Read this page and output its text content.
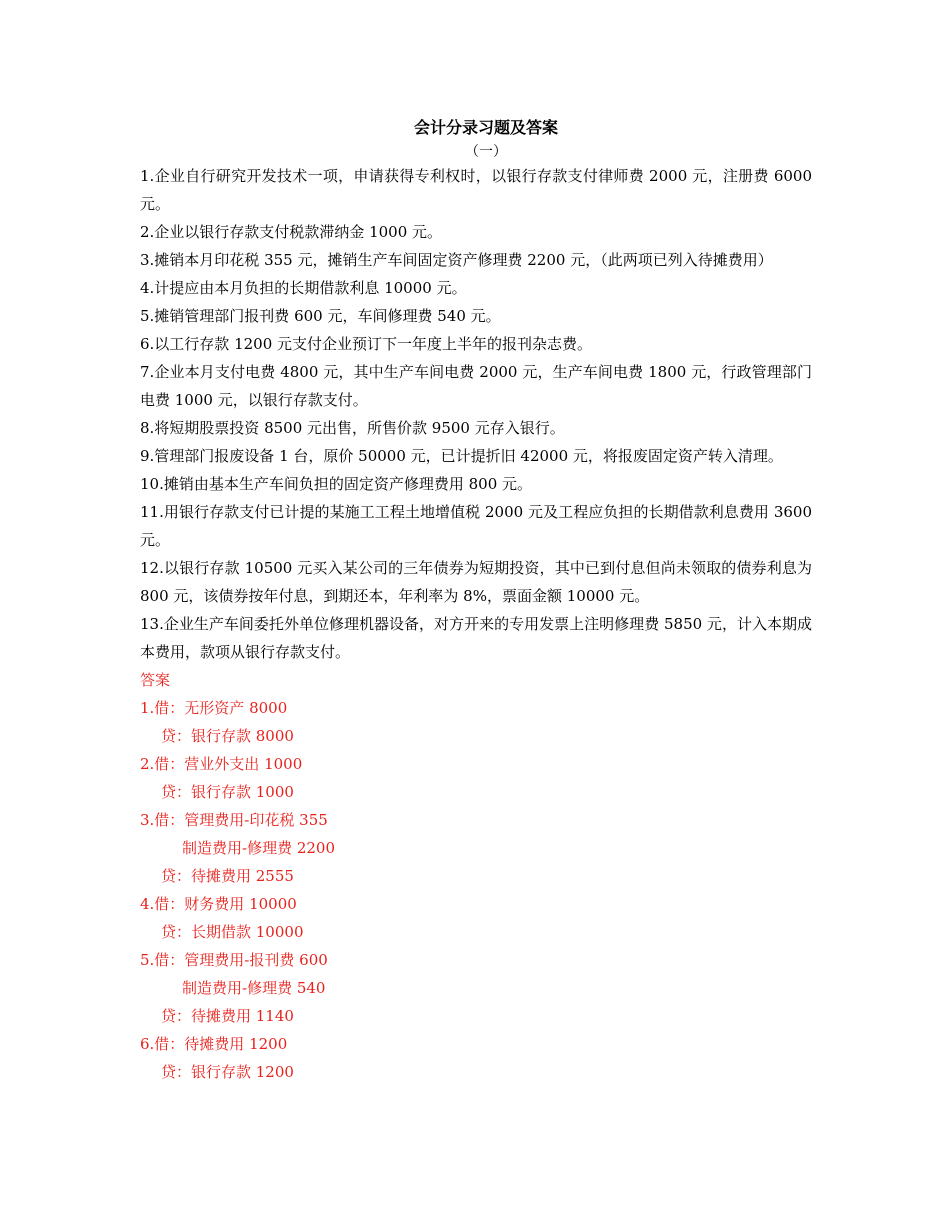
会计分录习题及答案
（一）
1.企业自行研究开发技术一项，申请获得专利权时，以银行存款支付律师费 2000 元，注册费 6000 元。
2.企业以银行存款支付税款滞纳金 1000 元。
3.摊销本月印花税 355 元，摊销生产车间固定资产修理费 2200 元，（此两项已列入待摊费用）
4.计提应由本月负担的长期借款利息 10000 元。
5.摊销管理部门报刊费 600 元，车间修理费 540 元。
6.以工行存款 1200 元支付企业预订下一年度上半年的报刊杂志费。
7.企业本月支付电费 4800 元，其中生产车间电费 2000 元，生产车间电费 1800 元，行政管理部门电费 1000 元，以银行存款支付。
8.将短期股票投资 8500 元出售，所售价款 9500 元存入银行。
9.管理部门报废设备 1 台，原价 50000 元，已计提折旧 42000 元，将报废固定资产转入清理。
10.摊销由基本生产车间负担的固定资产修理费用 800 元。
11.用银行存款支付已计提的某施工工程土地增值税 2000 元及工程应负担的长期借款利息费用 3600 元。
12.以银行存款 10500 元买入某公司的三年债券为短期投资，其中已到付息但尚未领取的债券利息为 800 元，该债券按年付息，到期还本，年利率为 8%，票面金额 10000 元。
13.企业生产车间委托外单位修理机器设备，对方开来的专用发票上注明修理费 5850 元，计入本期成本费用，款项从银行存款支付。
答案
1.借：无形资产 8000
贷：银行存款 8000
2.借：营业外支出 1000
贷：银行存款 1000
3.借：管理费用-印花税 355
制造费用-修理费 2200
贷：待摊费用 2555
4.借：财务费用 10000
贷：长期借款 10000
5.借：管理费用-报刊费 600
制造费用-修理费 540
贷：待摊费用 1140
6.借：待摊费用 1200
贷：银行存款 1200
